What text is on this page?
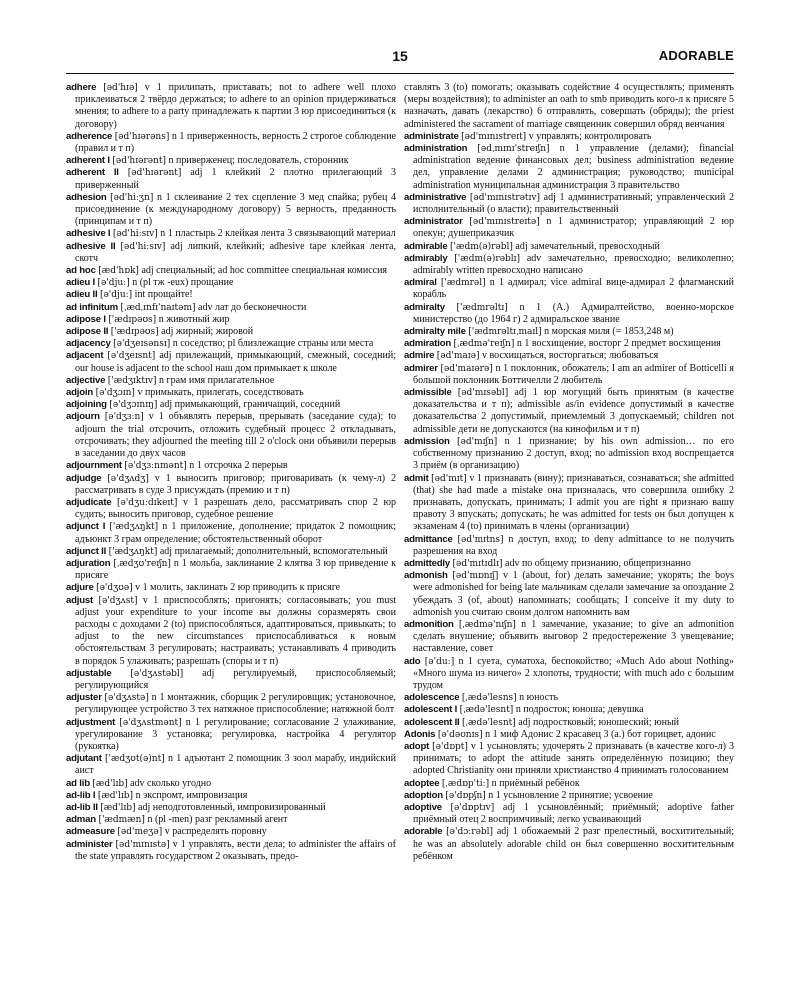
15	ADORABLE

adhere [əd'hɪə] v 1 прилипать, приставать; not to adhere well плохо приклеиваться 2 твёрдо держаться; to adhere to an opinion придерживаться мнения; to adhere to a party принадлежать к партии 3 юр присоединиться (к договору)

adherence [əd'hɪərəns] n 1 приверженность, верность 2 строгое соблюдение (правил и т п)

adherent I [əd'hɪərənt] n приверженец; последователь, сторонник

adherent II [əd'hɪərənt] adj 1 клейкий 2 плотно прилегающий 3 приверженный

adhesion [əd'hiːʒn] n 1 склеивание 2 тех сцепление 3 мед спайка; рубец 4 присоединение (к международному договору) 5 верность, преданность (принципам и т п)

adhesive I [əd'hiːsɪv] n 1 пластырь 2 клейкая лента 3 связывающий материал

adhesive II [əd'hiːsɪv] adj липкий, клейкий; adhesive tape клейкая лента, скотч

ad hoc [æd'hɒk] adj специальный; ad hoc committee специальная комиссия

adieu I [ə'djuː] n (pl тж -eux) прощание

adieu II [ə'djuː] int прощайте!

ad infinitum [ˌædˌɪnfɪ'naɪtəm] adv лат до бесконечности

adipose I ['ædɪpəʊs] n животный жир

adipose II ['ædɪpəʊs] adj жирный; жировой

adjacency [ə'dʒeɪsənsɪ] n соседство; pl близлежащие страны или места

adjacent [ə'dʒeɪsnt] adj прилежащий, примыкающий, смежный, соседний; our house is adjacent to the school наш дом примыкает к школе

adjective ['ædʒɪktɪv] n грам имя прилагательное

adjoin [ə'dʒɔɪn] v примыкать, прилегать, соседствовать

adjoining [ə'dʒɔɪnɪŋ] adj примыкающий, граничащий, соседний

adjourn [ə'dʒɜːn] v 1 объявлять перерыв, прерывать (заседание суда); to adjourn the trial отсрочить, отложить судебный процесс 2 откладывать, отсрочивать; they adjourned the meeting till 2 o'clock они объявили перерыв в заседании до двух часов

adjournment [ə'dʒɜːnmənt] n 1 отсрочка 2 перерыв

adjudge [ə'dʒʌdʒ] v 1 выносить приговор; приговаривать (к чему-л) 2 рассматривать в суде 3 присуждать (премию и т п)

adjudicate [ə'dʒuːdɪkeɪt] v 1 разрешать дело, рассматривать спор 2 юр судить; выносить приговор, судебное решение

adjunct I ['ædʒʌŋkt] n 1 приложение, дополнение; придаток 2 помощник; адъюнкт 3 грам определение; обстоятельственный оборот

adjunct II ['ædʒʌŋkt] adj прилагаемый; дополнительный, вспомогательный

adjuration [ˌædʒʊ'reɪʃn] n 1 мольба, заклинание 2 клятва 3 юр приведение к присяге

adjure [ə'dʒʊə] v 1 молить, заклинать 2 юр приводить к присяге

adjust [ə'dʒʌst] v 1 приспособлять; пригонять; согласовывать; you must adjust your expenditure to your income вы должны соразмерять свои расходы с доходами 2 (to) приспособляться, адаптироваться, привыкать; to adjust to the new circumstances приспосабливаться к новым обстоятельствам 3 регулировать; настраивать; устанавливать 4 приводить в порядок 5 улаживать; разрешать (споры и т п)

adjustable [ə'dʒʌstəbl] adj регулируемый, приспособляемый; регулирующийся

adjuster [ə'dʒʌstə] n 1 монтажник, сборщик 2 регулировщик; установочное, регулирующее устройство 3 тех натяжное приспособление; натяжной болт

adjustment [ə'dʒʌstmənt] n 1 регулирование; согласование 2 улаживание, урегулирование 3 установка; регулировка, настройка 4 регулятор (рукоятка)

adjutant ['ædʒʊt(ə)nt] n 1 адъютант 2 помощник 3 зоол марабу, индийский аист

ad lib [æd'lɪb] adv сколько угодно

ad-lib I [æd'lɪb] n экспромт, импровизация

ad-lib II [æd'lɪb] adj неподготовленный, импровизированный

adman ['ædmæn] n (pl -men) разг рекламный агент

admeasure [əd'meʒə] v распределять поровну

administer [əd'mɪnɪstə] v 1 управлять, вести дела; to administer the affairs of the state управлять государством 2 оказывать, предо-

ставлять 3 (to) помогать; оказывать содействие 4 осуществлять; применять (меры воздействия); to administer an oath to smb приводить кого-л к присяге 5 назначать, давать (лекарство) 6 отправлять, совершать (обряды); the priest administered the sacrament of marriage священник совершил обряд венчания

administrate [əd'mɪnɪstreɪt] v управлять; контролировать

administration [ədˌmɪnɪ'streɪʃn] n 1 управление (делами); financial administration ведение финансовых дел; business administration ведение дел, управление делами 2 администрация; руководство; municipal administration муниципальная администрация 3 правительство

administrative [əd'mɪnɪstrətɪv] adj 1 административный; управленческий 2 исполнительный (о власти); правительственный

administrator [əd'mɪnɪstreɪtə] n 1 администратор; управляющий 2 юр опекун; душеприказчик

admirable ['ædm(ə)rəbl] adj замечательный, превосходный

admirably ['ædm(ə)rəblɪ] adv замечательно, превосходно; великолепно; admirably written превосходно написано

admiral ['ædmrəl] n 1 адмирал; vice admiral вице-адмирал 2 флагманский корабль

admiralty ['ædmrəltɪ] n 1 (A.) Адмиралтейство, военно-морское министерство (до 1964 г) 2 адмиральское звание

admiralty mile ['ædmrəltɪˌmaɪl] n морская миля (= 1853,248 м)

admiration [ˌædmə'reɪʃn] n 1 восхищение, восторг 2 предмет восхищения

admire [əd'maɪə] v восхищаться, восторгаться; любоваться

admirer [əd'maɪərə] n 1 поклонник, обожатель; I am an admirer of Botticelli я большой поклонник Боттичелли 2 любитель

admissible [əd'mɪsəbl] adj 1 юр могущий быть принятым (в качестве доказательства и т п); admissible as/in evidence допустимый в качестве доказательства 2 допустимый, приемлемый 3 допускаемый; children not admissible дети не допускаются (на кинофильм и т п)

admission [əd'mɪʃn] n 1 признание; by his own admission… по его собственному признанию 2 доступ, вход; no admission вход воспрещается 3 приём (в организацию)

admit [əd'mɪt] v 1 признавать (вину); признаваться, сознаваться; she admitted (that) she had made a mistake она призналась, что совершила ошибку 2 признавать, допускать, принимать; I admit you are right я признаю вашу правоту 3 впускать; допускать; he was admitted for tests он был допущен к экзаменам 4 (to) принимать в члены (организации)

admittance [əd'mɪtns] n доступ, вход; to deny admittance to не получить разрешения на вход

admittedly [əd'mɪtɪdlɪ] adv по общему признанию, общепризнанно

admonish [əd'mɒnɪʃ] v 1 (about, for) делать замечание; укорять; the boys were admonished for being late мальчикам сделали замечание за опоздание 2 убеждать 3 (of, about) напоминать; сообщать; I conceive it my duty to admonish you считаю своим долгом напомнить вам

admonition [ˌædmə'nɪʃn] n 1 замечание, указание; to give an admonition сделать внушение; объявить выговор 2 предостережение 3 увещевание; наставление, совет

ado [ə'duː] n 1 суета, суматоха, беспокойство; «Much Ado about Nothing» «Много шума из ничего» 2 хлопоты, трудности; with much ado с большим трудом

adolescence [ˌædə'lesns] n юность

adolescent I [ˌædə'lesnt] n подросток; юноша; девушка

adolescent II [ˌædə'lesnt] adj подростковый; юношеский; юный

Adonis [ə'dəʊnɪs] n 1 миф Адонис 2 красавец 3 (a.) бот горицвет, адонис

adopt [ə'dɒpt] v 1 усыновлять; удочерять 2 признавать (в качестве кого-л) 3 принимать; to adopt the attitude занять определённую позицию; they adopted Christianity они приняли христианство 4 принимать голосованием

adoptee [ˌædɒp'tiː] n приёмный ребёнок

adoption [ə'dɒpʃn] n 1 усыновление 2 принятие; усвоение

adoptive [ə'dɒptɪv] adj 1 усыновлённый; приёмный; adoptive father приёмный отец 2 воспримчивый; легко усваивающий

adorable [ə'dɔːrəbl] adj 1 обожаемый 2 разг прелестный, восхитительный; he was an absolutely adorable child он был совершенно восхитительным ребёнком
